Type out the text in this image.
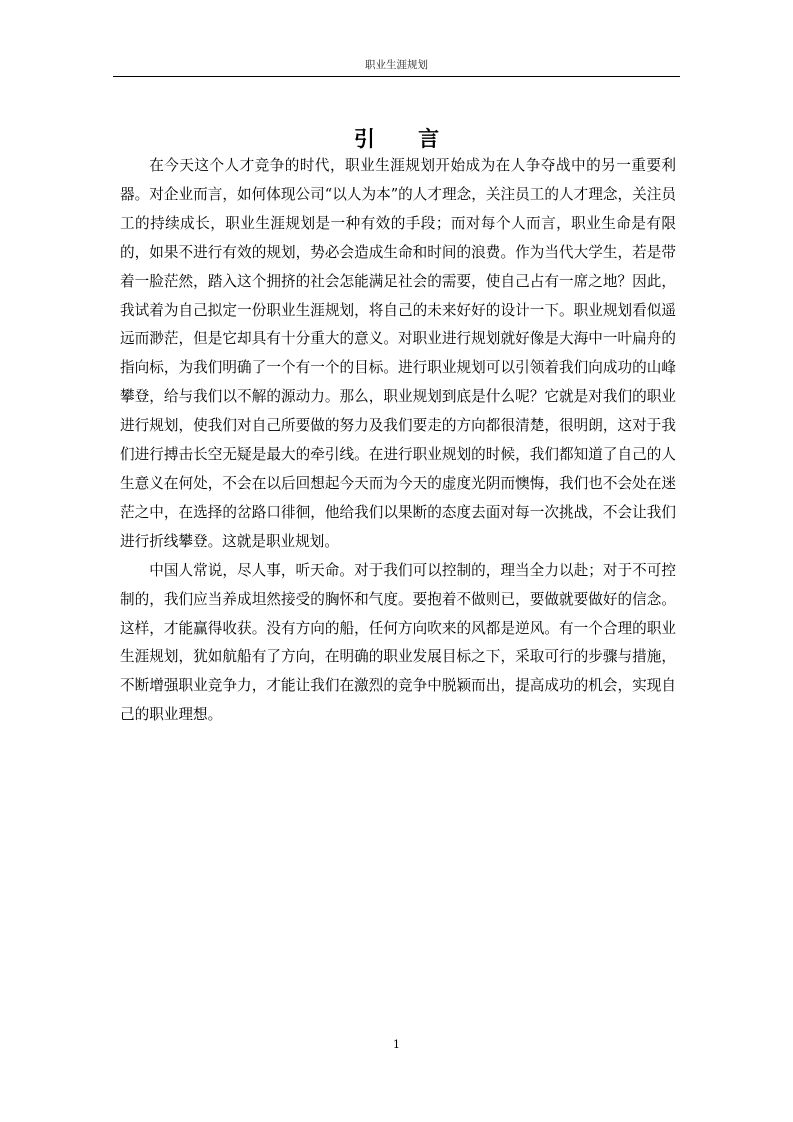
职业生涯规划
引 言

在今天这个人才竞争的时代，职业生涯规划开始成为在人争夺战中的另一重要利器。对企业而言，如何体现公司“以人为本”的人才理念，关注员工的人才理念，关注员工的持续成长，职业生涯规划是一种有效的手段；而对每个人而言，职业生命是有限的，如果不进行有效的规划，势必会造成生命和时间的浪费。作为当代大学生，若是带着一脸茫然，踏入这个拥挤的社会怎能满足社会的需要，使自己占有一席之地？因此，我试着为自己拟定一份职业生涯规划，将自己的未来好好的设计一下。职业规划看似遥远而渺茫，但是它却具有十分重大的意义。对职业进行规划就好像是大海中一叶扁舟的指向标，为我们明确了一个有一个的目标。进行职业规划可以引领着我们向成功的山峰攀登，给与我们以不解的源动力。那么，职业规划到底是什么呢？它就是对我们的职业进行规划，使我们对自己所要做的努力及我们要走的方向都很清楚，很明朗，这对于我们进行搏击长空无疑是最大的牵引线。在进行职业规划的时候，我们都知道了自己的人生意义在何处，不会在以后回想起今天而为今天的虚度光阴而懊悔，我们也不会处在迷茫之中，在选择的岔路口徘徊，他给我们以果断的态度去面对每一次挑战，不会让我们进行折线攀登。这就是职业规划。

中国人常说，尽人事，听天命。对于我们可以控制的，理当全力以赴；对于不可控制的，我们应当养成坦然接受的胸怀和气度。要抱着不做则已，要做就要做好的信念。这样，才能赢得收获。没有方向的船，任何方向吹来的风都是逆风。有一个合理的职业生涯规划，犹如航船有了方向，在明确的职业发展目标之下，采取可行的步骤与措施，不断增强职业竞争力，才能让我们在激烈的竞争中脱颖而出，提高成功的机会，实现自己的职业理想。

1
